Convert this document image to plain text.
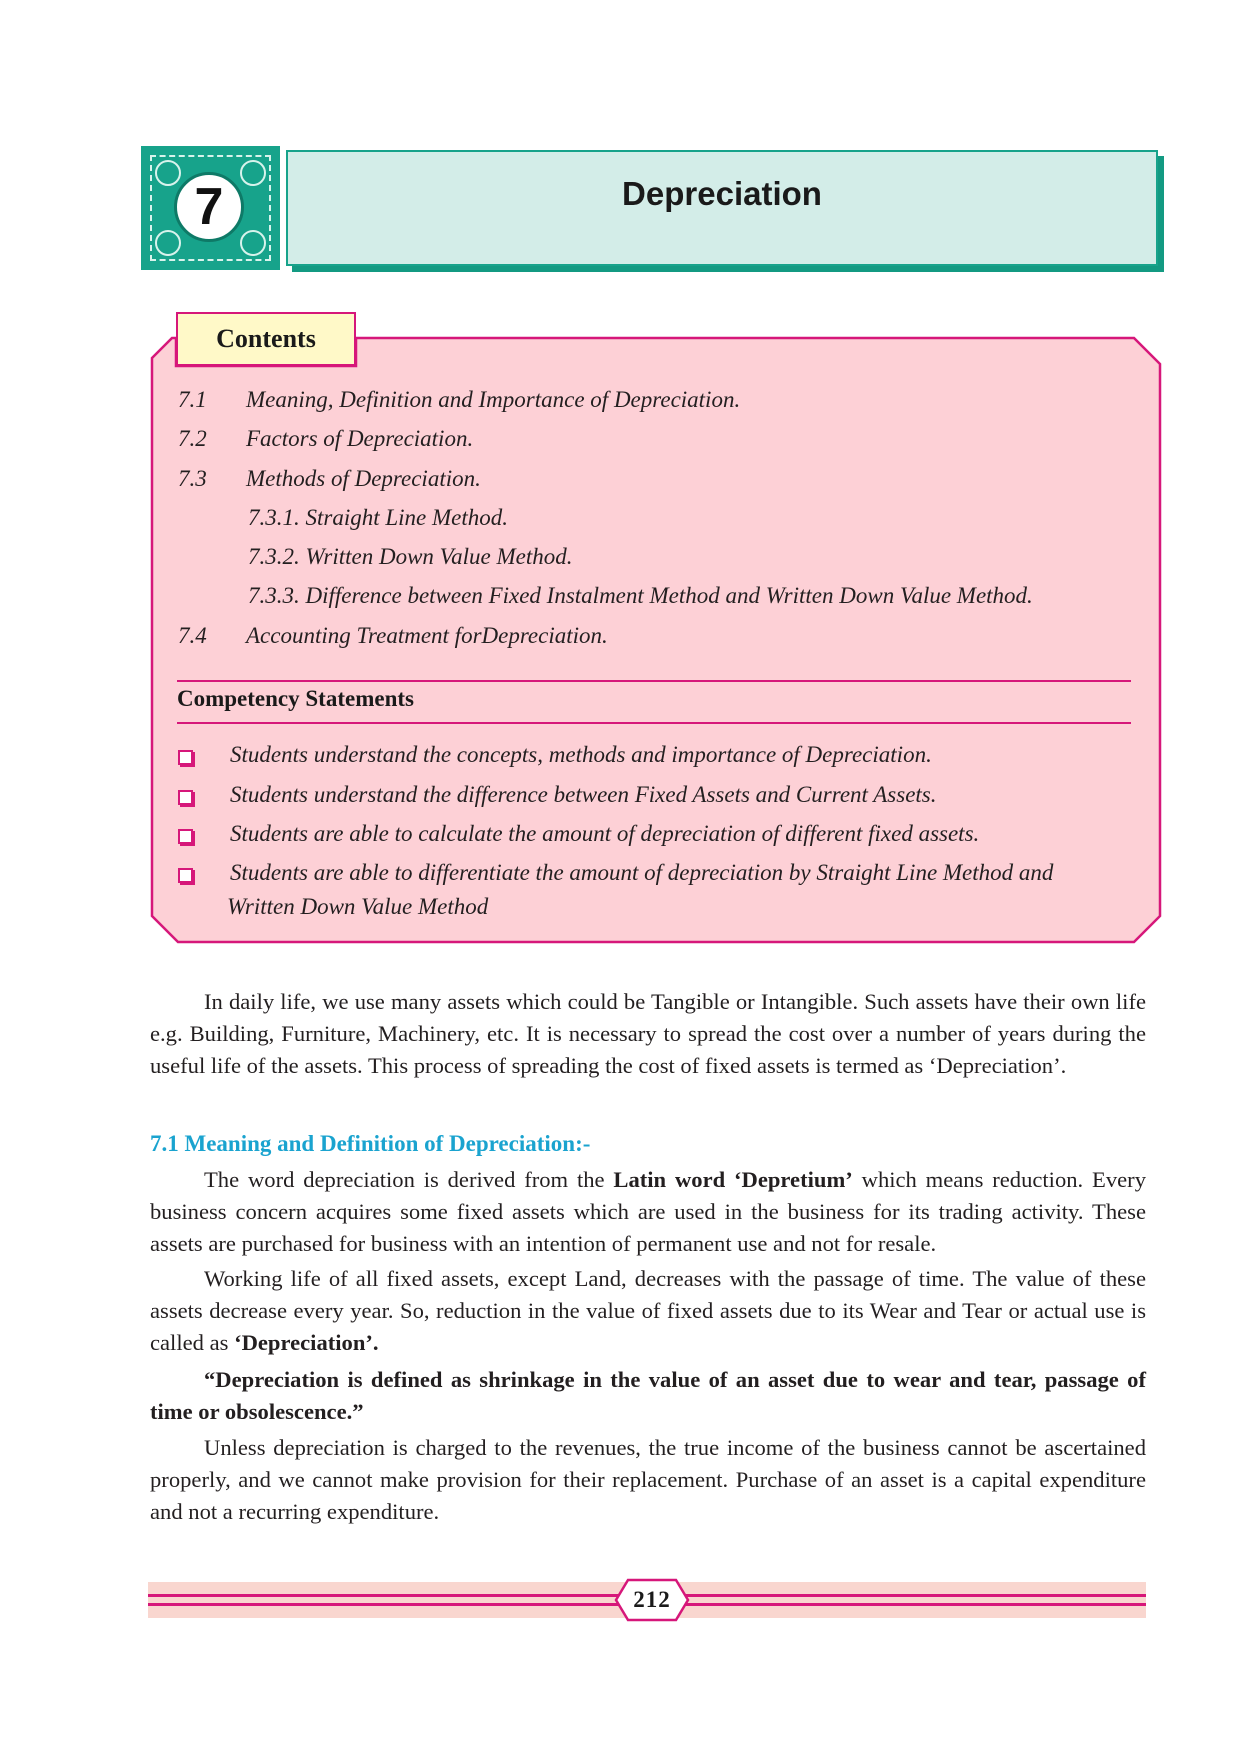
7	Depreciation
Contents
7.1 Meaning, Definition and Importance of Depreciation.
7.2 Factors of Depreciation.
7.3 Methods of Depreciation.
7.3.1. Straight Line Method.
7.3.2. Written Down Value Method.
7.3.3. Difference between Fixed Instalment Method and Written Down Value Method.
7.4 Accounting Treatment forDepreciation.
Competency Statements
Students understand the concepts, methods and importance of Depreciation.
Students understand the difference between Fixed Assets and Current Assets.
Students are able to calculate the amount of depreciation of different fixed assets.
Students are able to differentiate the amount of depreciation by Straight Line Method and
Written Down Value Method

In daily life, we use many assets which could be Tangible or Intangible. Such assets have their own life e.g. Building, Furniture, Machinery, etc. It is necessary to spread the cost over a number of years during the useful life of the assets. This process of spreading the cost of fixed assets is termed as ‘Depreciation’.

7.1 Meaning and Definition of Depreciation:-

The word depreciation is derived from the Latin word ‘Depretium’ which means reduction. Every business concern acquires some fixed assets which are used in the business for its trading activity. These assets are purchased for business with an intention of permanent use and not for resale.

Working life of all fixed assets, except Land, decreases with the passage of time. The value of these assets decrease every year. So, reduction in the value of fixed assets due to its Wear and Tear or actual use is called as ‘Depreciation’.

“Depreciation is defined as shrinkage in the value of an asset due to wear and tear, passage of time or obsolescence.”

Unless depreciation is charged to the revenues, the true income of the business cannot be ascertained properly, and we cannot make provision for their replacement. Purchase of an asset is a capital expenditure and not a recurring expenditure.

212
